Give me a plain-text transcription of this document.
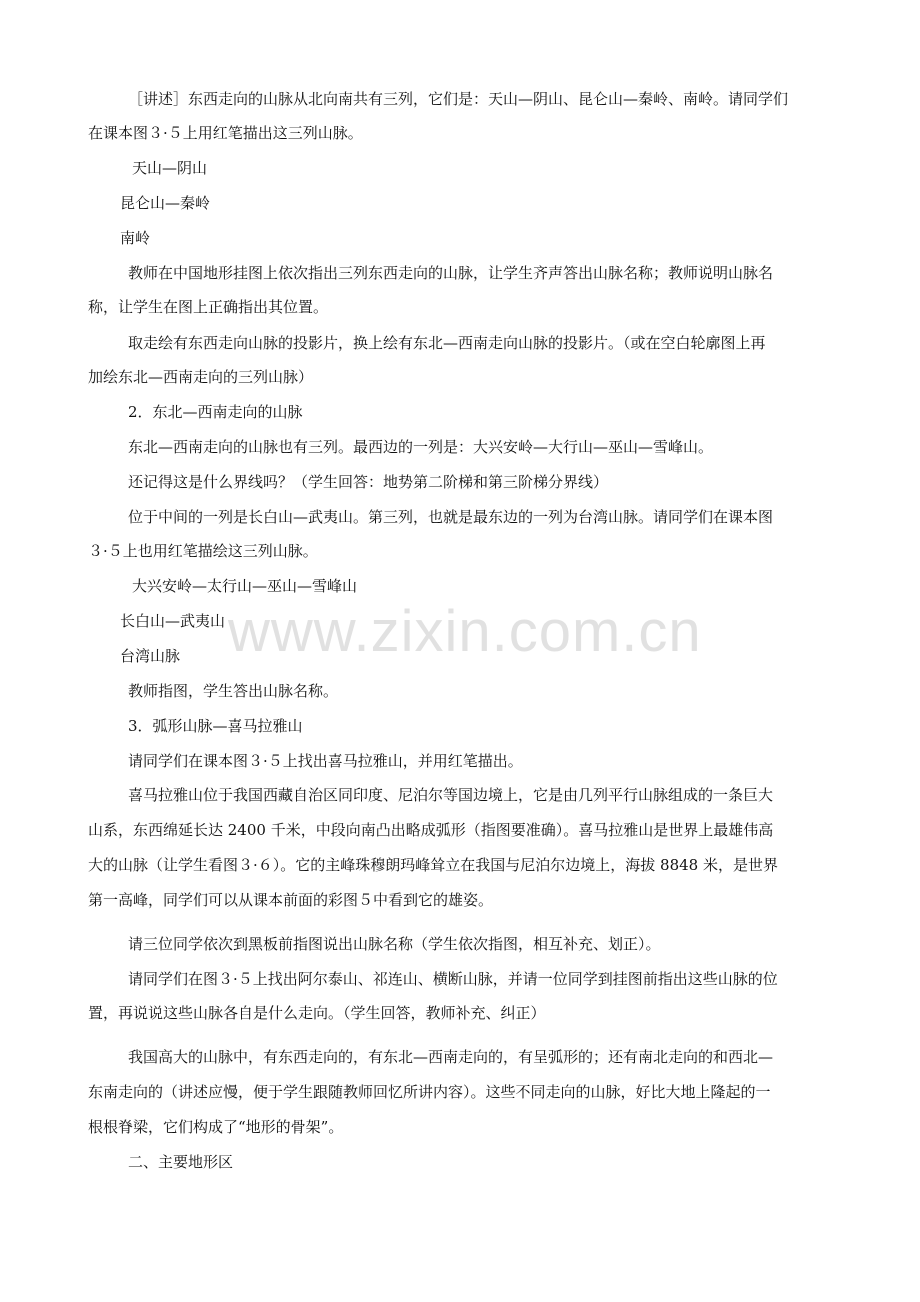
［讲述］东西走向的山脉从北向南共有三列，它们是：天山—阴山、昆仑山—秦岭、南岭。请同学们
在课本图３·５上用红笔描出这三列山脉。
天山—阴山
昆仑山—秦岭
南岭
教师在中国地形挂图上依次指出三列东西走向的山脉，让学生齐声答出山脉名称；教师说明山脉名
称，让学生在图上正确指出其位置。
取走绘有东西走向山脉的投影片，换上绘有东北—西南走向山脉的投影片。（或在空白轮廓图上再
加绘东北—西南走向的三列山脉）
2．东北—西南走向的山脉
东北—西南走向的山脉也有三列。最西边的一列是：大兴安岭—大行山—巫山—雪峰山。
还记得这是什么界线吗？（学生回答：地势第二阶梯和第三阶梯分界线）
位于中间的一列是长白山—武夷山。第三列，也就是最东边的一列为台湾山脉。请同学们在课本图
３·５上也用红笔描绘这三列山脉。
大兴安岭—太行山—巫山—雪峰山
长白山—武夷山
台湾山脉
教师指图，学生答出山脉名称。
3．弧形山脉—喜马拉雅山
请同学们在课本图３·５上找出喜马拉雅山，并用红笔描出。
喜马拉雅山位于我国西藏自治区同印度、尼泊尔等国边境上，它是由几列平行山脉组成的一条巨大
山系，东西绵延长达 2400 千米，中段向南凸出略成弧形（指图要准确）。喜马拉雅山是世界上最雄伟高
大的山脉（让学生看图３·６）。它的主峰珠穆朗玛峰耸立在我国与尼泊尔边境上，海拔 8848 米，是世界
第一高峰，同学们可以从课本前面的彩图５中看到它的雄姿。
请三位同学依次到黑板前指图说出山脉名称（学生依次指图，相互补充、划正）。
请同学们在图３·５上找出阿尔泰山、祁连山、横断山脉，并请一位同学到挂图前指出这些山脉的位
置，再说说这些山脉各自是什么走向。（学生回答，教师补充、纠正）
我国高大的山脉中，有东西走向的，有东北—西南走向的，有呈弧形的；还有南北走向的和西北—
东南走向的（讲述应慢，便于学生跟随教师回忆所讲内容）。这些不同走向的山脉，好比大地上隆起的一
根根脊梁，它们构成了“地形的骨架”。
二、主要地形区
www.zixin.com.cn
